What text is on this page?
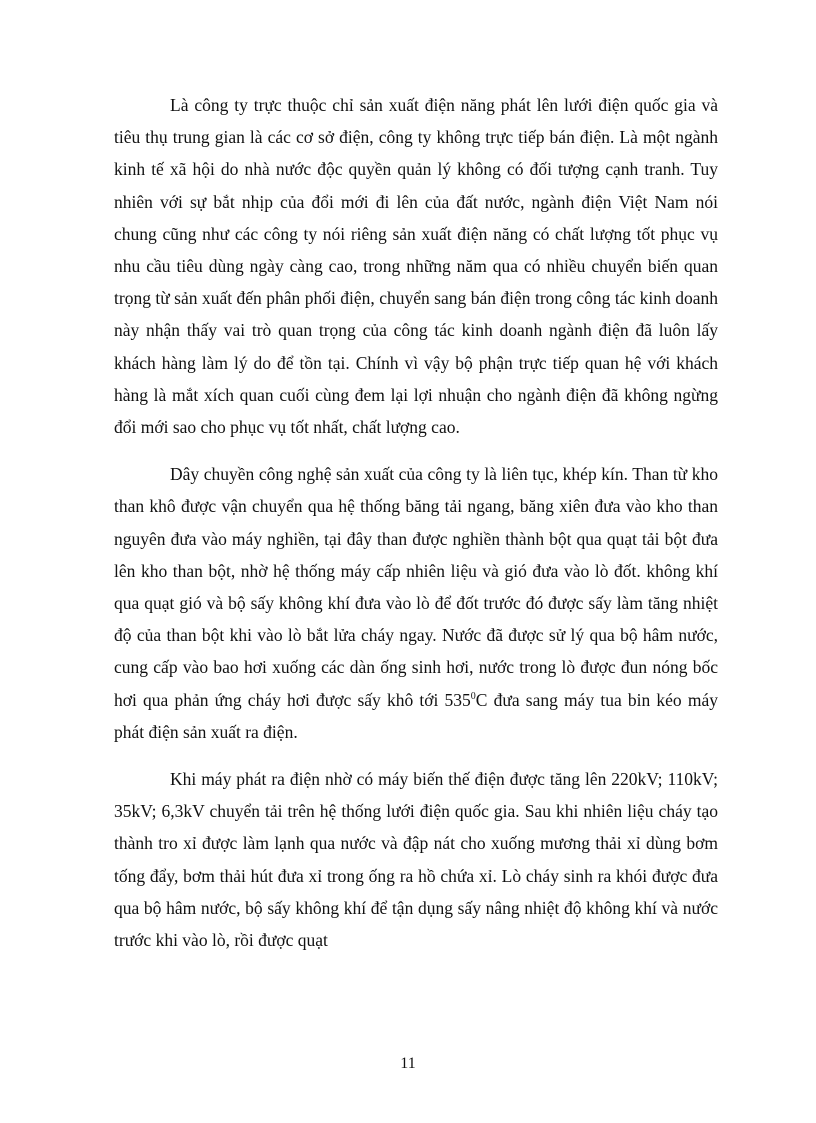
Là công ty trực thuộc chỉ sản xuất điện năng phát lên lưới điện quốc gia và tiêu thụ trung gian là các cơ sở điện, công ty không trực tiếp bán điện. Là một ngành kinh tế xã hội do nhà nước độc quyền quản lý không có đối tượng cạnh tranh. Tuy nhiên với sự bắt nhịp của đổi mới đi lên của đất nước, ngành điện Việt Nam nói chung cũng như các công ty nói riêng sản xuất điện năng có chất lượng tốt phục vụ nhu cầu tiêu dùng ngày càng cao, trong những năm qua có nhiều chuyển biến quan trọng từ sản xuất đến phân phối điện, chuyển sang bán điện trong công tác kinh doanh này nhận thấy vai trò quan trọng của công tác kinh doanh ngành điện đã luôn lấy khách hàng làm lý do để tồn tại. Chính vì vậy bộ phận trực tiếp quan hệ với khách hàng là mắt xích quan cuối cùng đem lại lợi nhuận cho ngành điện đã không ngừng đổi mới sao cho phục vụ tốt nhất, chất lượng cao.

Dây chuyền công nghệ sản xuất của công ty là liên tục, khép kín. Than từ kho than khô được vận chuyển qua hệ thống băng tải ngang, băng xiên đưa vào kho than nguyên đưa vào máy nghiền, tại đây than được nghiền thành bột qua quạt tải bột đưa lên kho than bột, nhờ hệ thống máy cấp nhiên liệu và gió đưa vào lò đốt. không khí qua quạt gió và bộ sấy không khí đưa vào lò để đốt trước đó được sấy làm tăng nhiệt độ của than bột khi vào lò bắt lửa cháy ngay. Nước đã được sử lý qua bộ hâm nước, cung cấp vào bao hơi xuống các dàn ống sinh hơi, nước trong lò được đun nóng bốc hơi qua phản ứng cháy hơi được sấy khô tới $535^0C$ đưa sang máy tua bin kéo máy phát điện sản xuất ra điện.

Khi máy phát ra điện nhờ có máy biến thế điện được tăng lên 220kV; 110kV; 35kV; 6,3kV chuyển tải trên hệ thống lưới điện quốc gia. Sau khi nhiên liệu cháy tạo thành tro xỉ được làm lạnh qua nước và đập nát cho xuống mương thải xỉ dùng bơm tống đẩy, bơm thải hút đưa xỉ trong ống ra hồ chứa xỉ. Lò cháy sinh ra khói được đưa qua bộ hâm nước, bộ sấy không khí để tận dụng sấy nâng nhiệt độ không khí và nước trước khi vào lò, rồi được quạt

11
